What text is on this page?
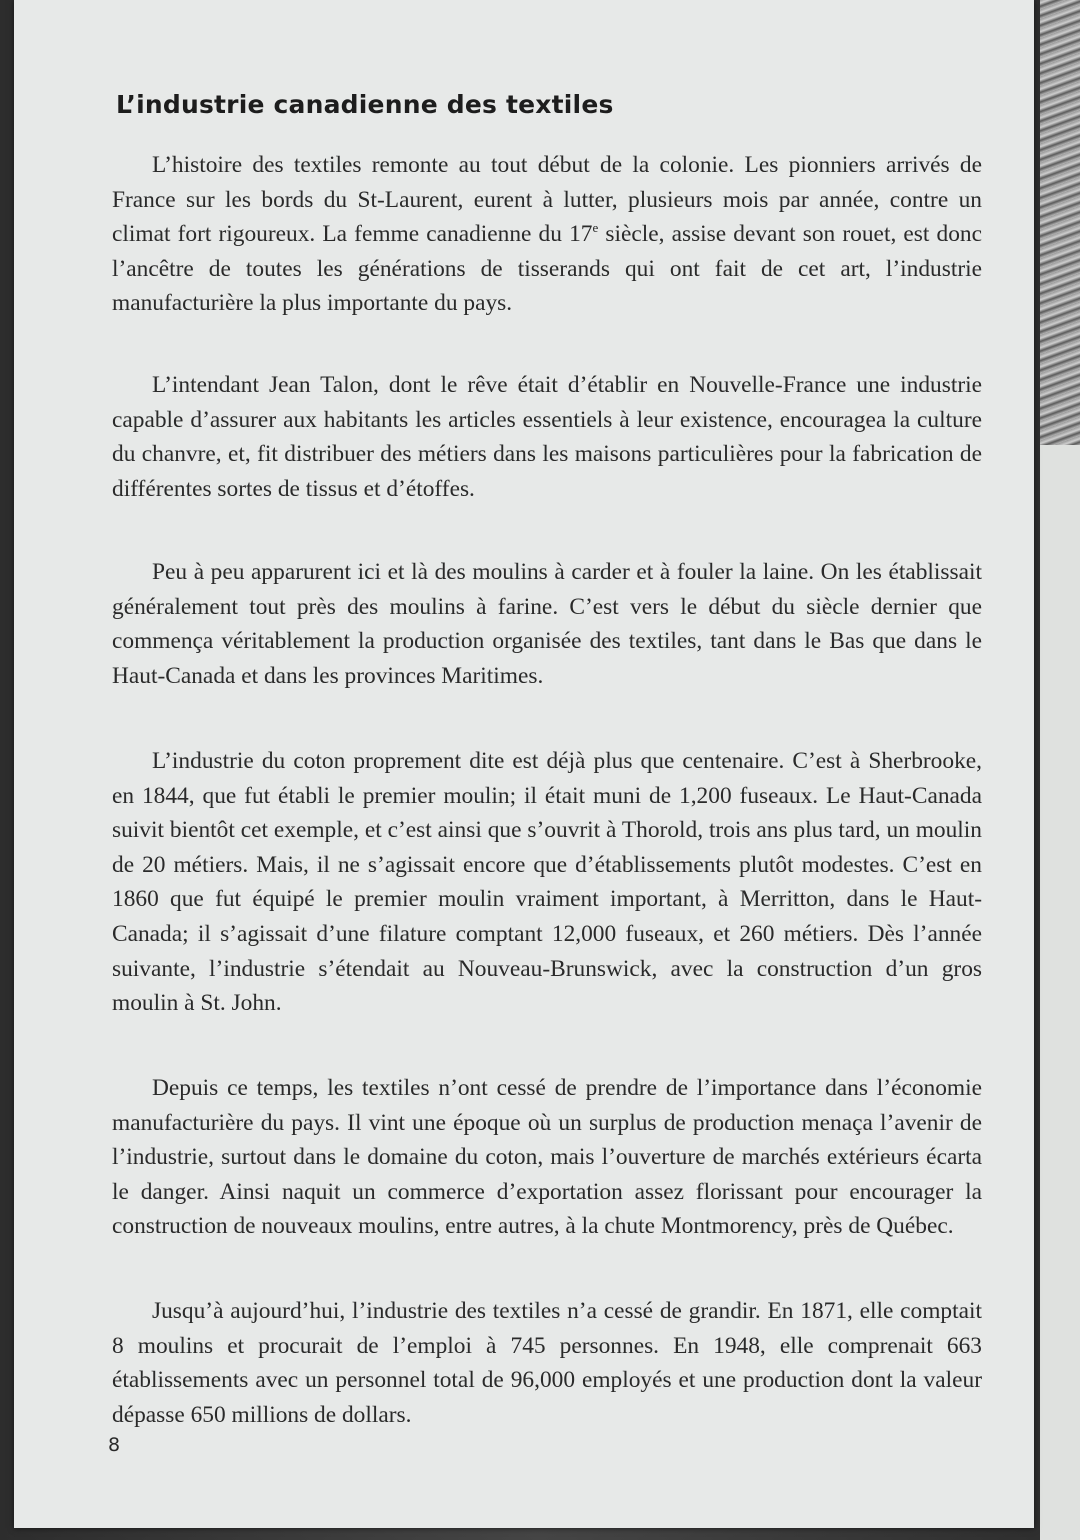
L’industrie canadienne des textiles

L’histoire des textiles remonte au tout début de la colonie. Les pionniers arrivés de France sur les bords du St-Laurent, eurent à lutter, plusieurs mois par année, contre un climat fort rigoureux. La femme canadienne du 17e siècle, assise devant son rouet, est donc l’ancêtre de toutes les générations de tisserands qui ont fait de cet art, l’industrie manufacturière la plus importante du pays.

L’intendant Jean Talon, dont le rêve était d’établir en Nouvelle-France une industrie capable d’assurer aux habitants les articles essentiels à leur existence, encouragea la culture du chanvre, et, fit distribuer des métiers dans les maisons particulières pour la fabrication de différentes sortes de tissus et d’étoffes.

Peu à peu apparurent ici et là des moulins à carder et à fouler la laine. On les établissait généralement tout près des moulins à farine. C’est vers le début du siècle dernier que commença véritablement la production organisée des textiles, tant dans le Bas que dans le Haut-Canada et dans les provinces Maritimes.

L’industrie du coton proprement dite est déjà plus que centenaire. C’est à Sherbrooke, en 1844, que fut établi le premier moulin; il était muni de 1,200 fuseaux. Le Haut-Canada suivit bientôt cet exemple, et c’est ainsi que s’ouvrit à Thorold, trois ans plus tard, un moulin de 20 métiers. Mais, il ne s’agissait encore que d’établissements plutôt modestes. C’est en 1860 que fut équipé le premier moulin vraiment important, à Merritton, dans le Haut-Canada; il s’agissait d’une filature comptant 12,000 fuseaux, et 260 métiers. Dès l’année suivante, l’industrie s’étendait au Nouveau-Brunswick, avec la construction d’un gros moulin à St. John.

Depuis ce temps, les textiles n’ont cessé de prendre de l’importance dans l’économie manufacturière du pays. Il vint une époque où un surplus de production menaça l’avenir de l’industrie, surtout dans le domaine du coton, mais l’ouverture de marchés extérieurs écarta le danger. Ainsi naquit un commerce d’exportation assez florissant pour encourager la construction de nouveaux moulins, entre autres, à la chute Montmorency, près de Québec.

Jusqu’à aujourd’hui, l’industrie des textiles n’a cessé de grandir. En 1871, elle comptait 8 moulins et procurait de l’emploi à 745 personnes. En 1948, elle comprenait 663 établissements avec un personnel total de 96,000 employés et une production dont la valeur dépasse 650 millions de dollars.

8
